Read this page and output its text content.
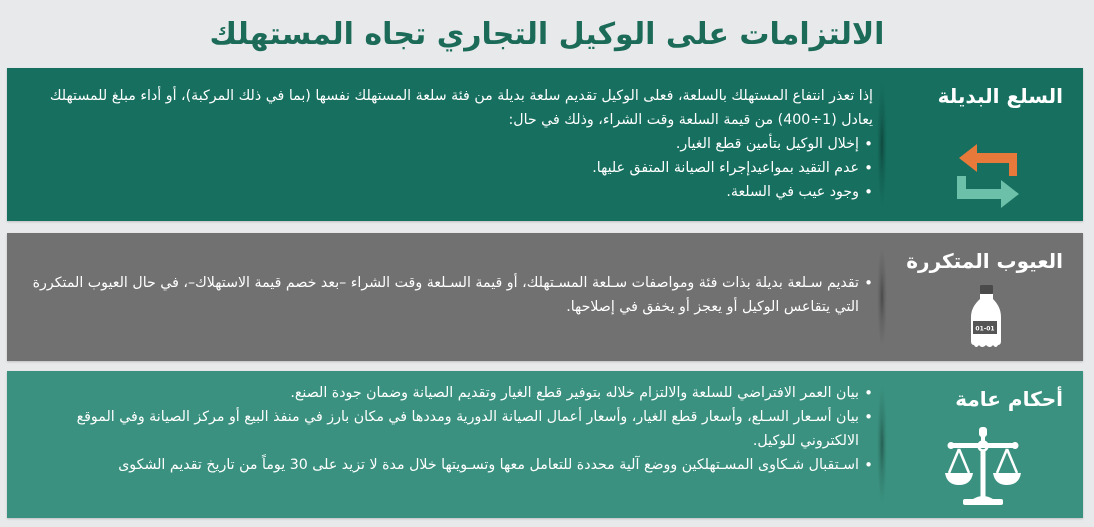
الالتزامات على الوكيل التجاري تجاه المستهلك
السلع البديلة

إذا تعذر انتفاع المستهلك بالسلعة، فعلى الوكيل تقديم سلعة بديلة من فئة سلعة المستهلك نفسها (بما في ذلك المركبة)، أو أداء مبلغ للمستهلك يعادل (1÷400) من قيمة السلعة وقت الشراء، وذلك في حال:

• إخلال الوكيل بتأمين قطع الغيار.
• عدم التقيد بمواعيدإجراء الصيانة المتفق عليها.
• وجود عيب في السلعة.
العيوب المتكررة
01-01
• تقديم سـلعة بديلة بذات فئة ومواصفات سـلعة المسـتهلك، أو قيمة السـلعة وقت الشراء –بعد خصم قيمة الاستهلاك–، في حال العيوب المتكررة التي يتقاعس الوكيل أو يعجز أو يخفق في إصلاحها.
أحكام عامة
• بيان العمر الافتراضي للسلعة والالتزام خلاله بتوفير قطع الغيار وتقديم الصيانة وضمان جودة الصنع.
• بيان أسـعار السـلع، وأسعار قطع الغيار، وأسعار أعمال الصيانة الدورية ومددها في مكان بارز في منفذ البيع أو مركز الصيانة وفي الموقع الالكتروني للوكيل.
• اسـتقبال شـكاوى المسـتهلكين ووضع آلية محددة للتعامل معها وتسـويتها خلال مدة لا تزيد على 30 يوماً من تاريخ تقديم الشكوى
